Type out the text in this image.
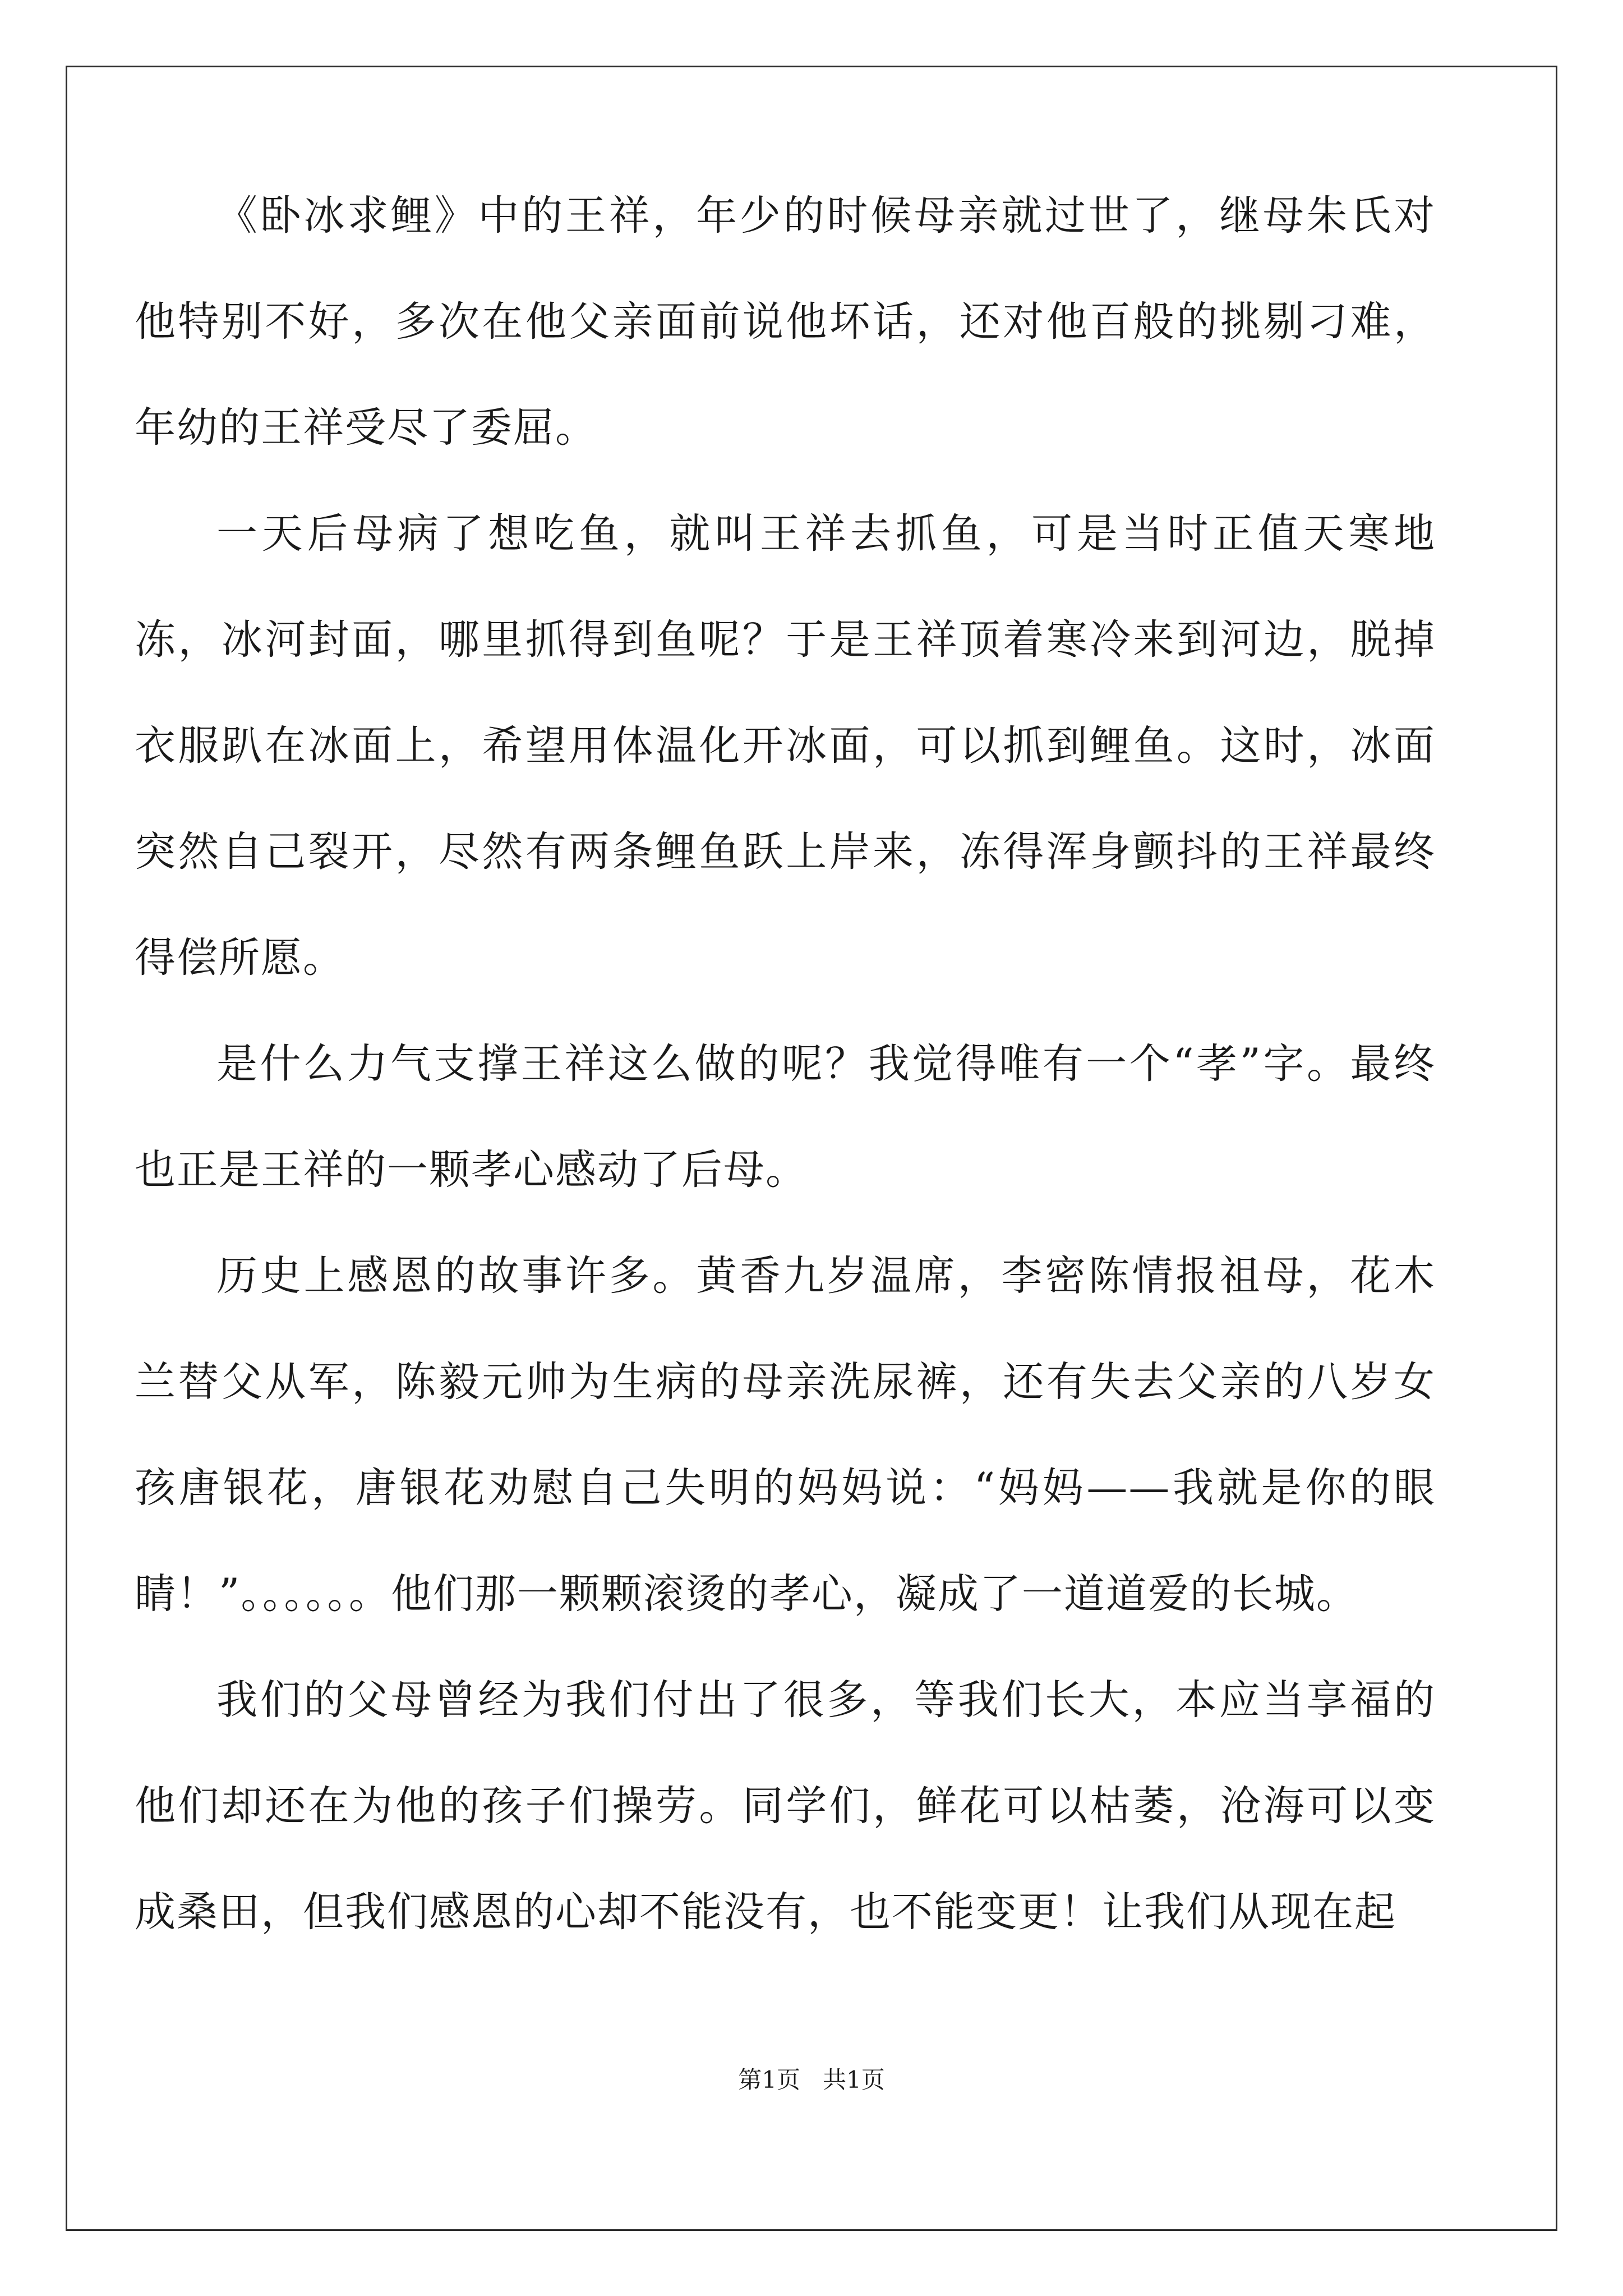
《卧冰求鲤》中的王祥，年少的时候母亲就过世了，继母朱氏对他特别不好，多次在他父亲面前说他坏话，还对他百般的挑剔刁难，年幼的王祥受尽了委屈。

一天后母病了想吃鱼，就叫王祥去抓鱼，可是当时正值天寒地冻，冰河封面，哪里抓得到鱼呢？于是王祥顶着寒冷来到河边，脱掉衣服趴在冰面上，希望用体温化开冰面，可以抓到鲤鱼。这时，冰面突然自己裂开，尽然有两条鲤鱼跃上岸来，冻得浑身颤抖的王祥最终得偿所愿。

是什么力气支撑王祥这么做的呢？我觉得唯有一个“孝”字。最终也正是王祥的一颗孝心感动了后母。

历史上感恩的故事许多。黄香九岁温席，李密陈情报祖母，花木兰替父从军，陈毅元帅为生病的母亲洗尿裤，还有失去父亲的八岁女孩唐银花，唐银花劝慰自己失明的妈妈说：“妈妈——我就是你的眼睛！”。。。。。。他们那一颗颗滚烫的孝心，凝成了一道道爱的长城。

我们的父母曾经为我们付出了很多，等我们长大，本应当享福的他们却还在为他的孩子们操劳。同学们，鲜花可以枯萎，沧海可以变成桑田，但我们感恩的心却不能没有，也不能变更！让我们从现在起

第1页   共1页
